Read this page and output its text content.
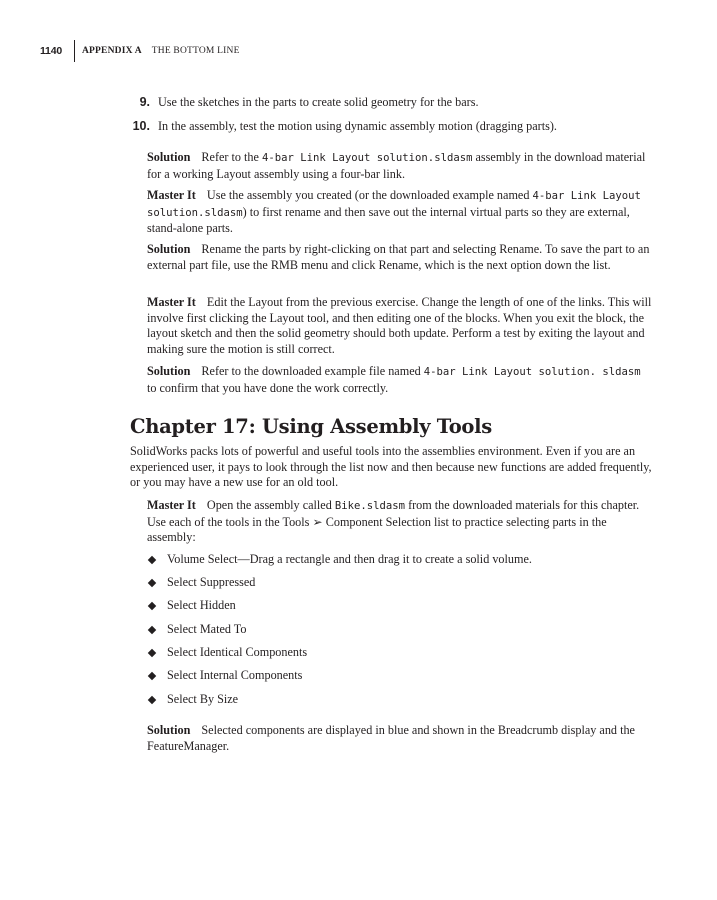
1140 APPENDIX A THE BOTTOM LINE
9. Use the sketches in the parts to create solid geometry for the bars.
10. In the assembly, test the motion using dynamic assembly motion (dragging parts).

Solution Refer to the 4-bar Link Layout solution.sldasm assembly in the download material for a working Layout assembly using a four-bar link.

Master It Use the assembly you created (or the downloaded example named 4-bar Link Layout solution.sldasm) to first rename and then save out the internal virtual parts so they are external, stand-alone parts.

Solution Rename the parts by right-clicking on that part and selecting Rename. To save the part to an external part file, use the RMB menu and click Rename, which is the next option down the list.

Master It Edit the Layout from the previous exercise. Change the length of one of the links. This will involve first clicking the Layout tool, and then editing one of the blocks. When you exit the block, the layout sketch and then the solid geometry should both update. Perform a test by exiting the layout and making sure the motion is still correct.

Solution Refer to the downloaded example file named 4-bar Link Layout solution. sldasm to confirm that you have done the work correctly.

Chapter 17: Using Assembly Tools

SolidWorks packs lots of powerful and useful tools into the assemblies environment. Even if you are an experienced user, it pays to look through the list now and then because new functions are added frequently, or you may have a new use for an old tool.

Master It Open the assembly called Bike.sldasm from the downloaded materials for this chapter. Use each of the tools in the Tools ➢ Component Selection list to practice selecting parts in the assembly:

Volume Select—Drag a rectangle and then drag it to create a solid volume.
Select Suppressed
Select Hidden
Select Mated To
Select Identical Components
Select Internal Components
Select By Size

Solution Selected components are displayed in blue and shown in the Breadcrumb display and the FeatureManager.
